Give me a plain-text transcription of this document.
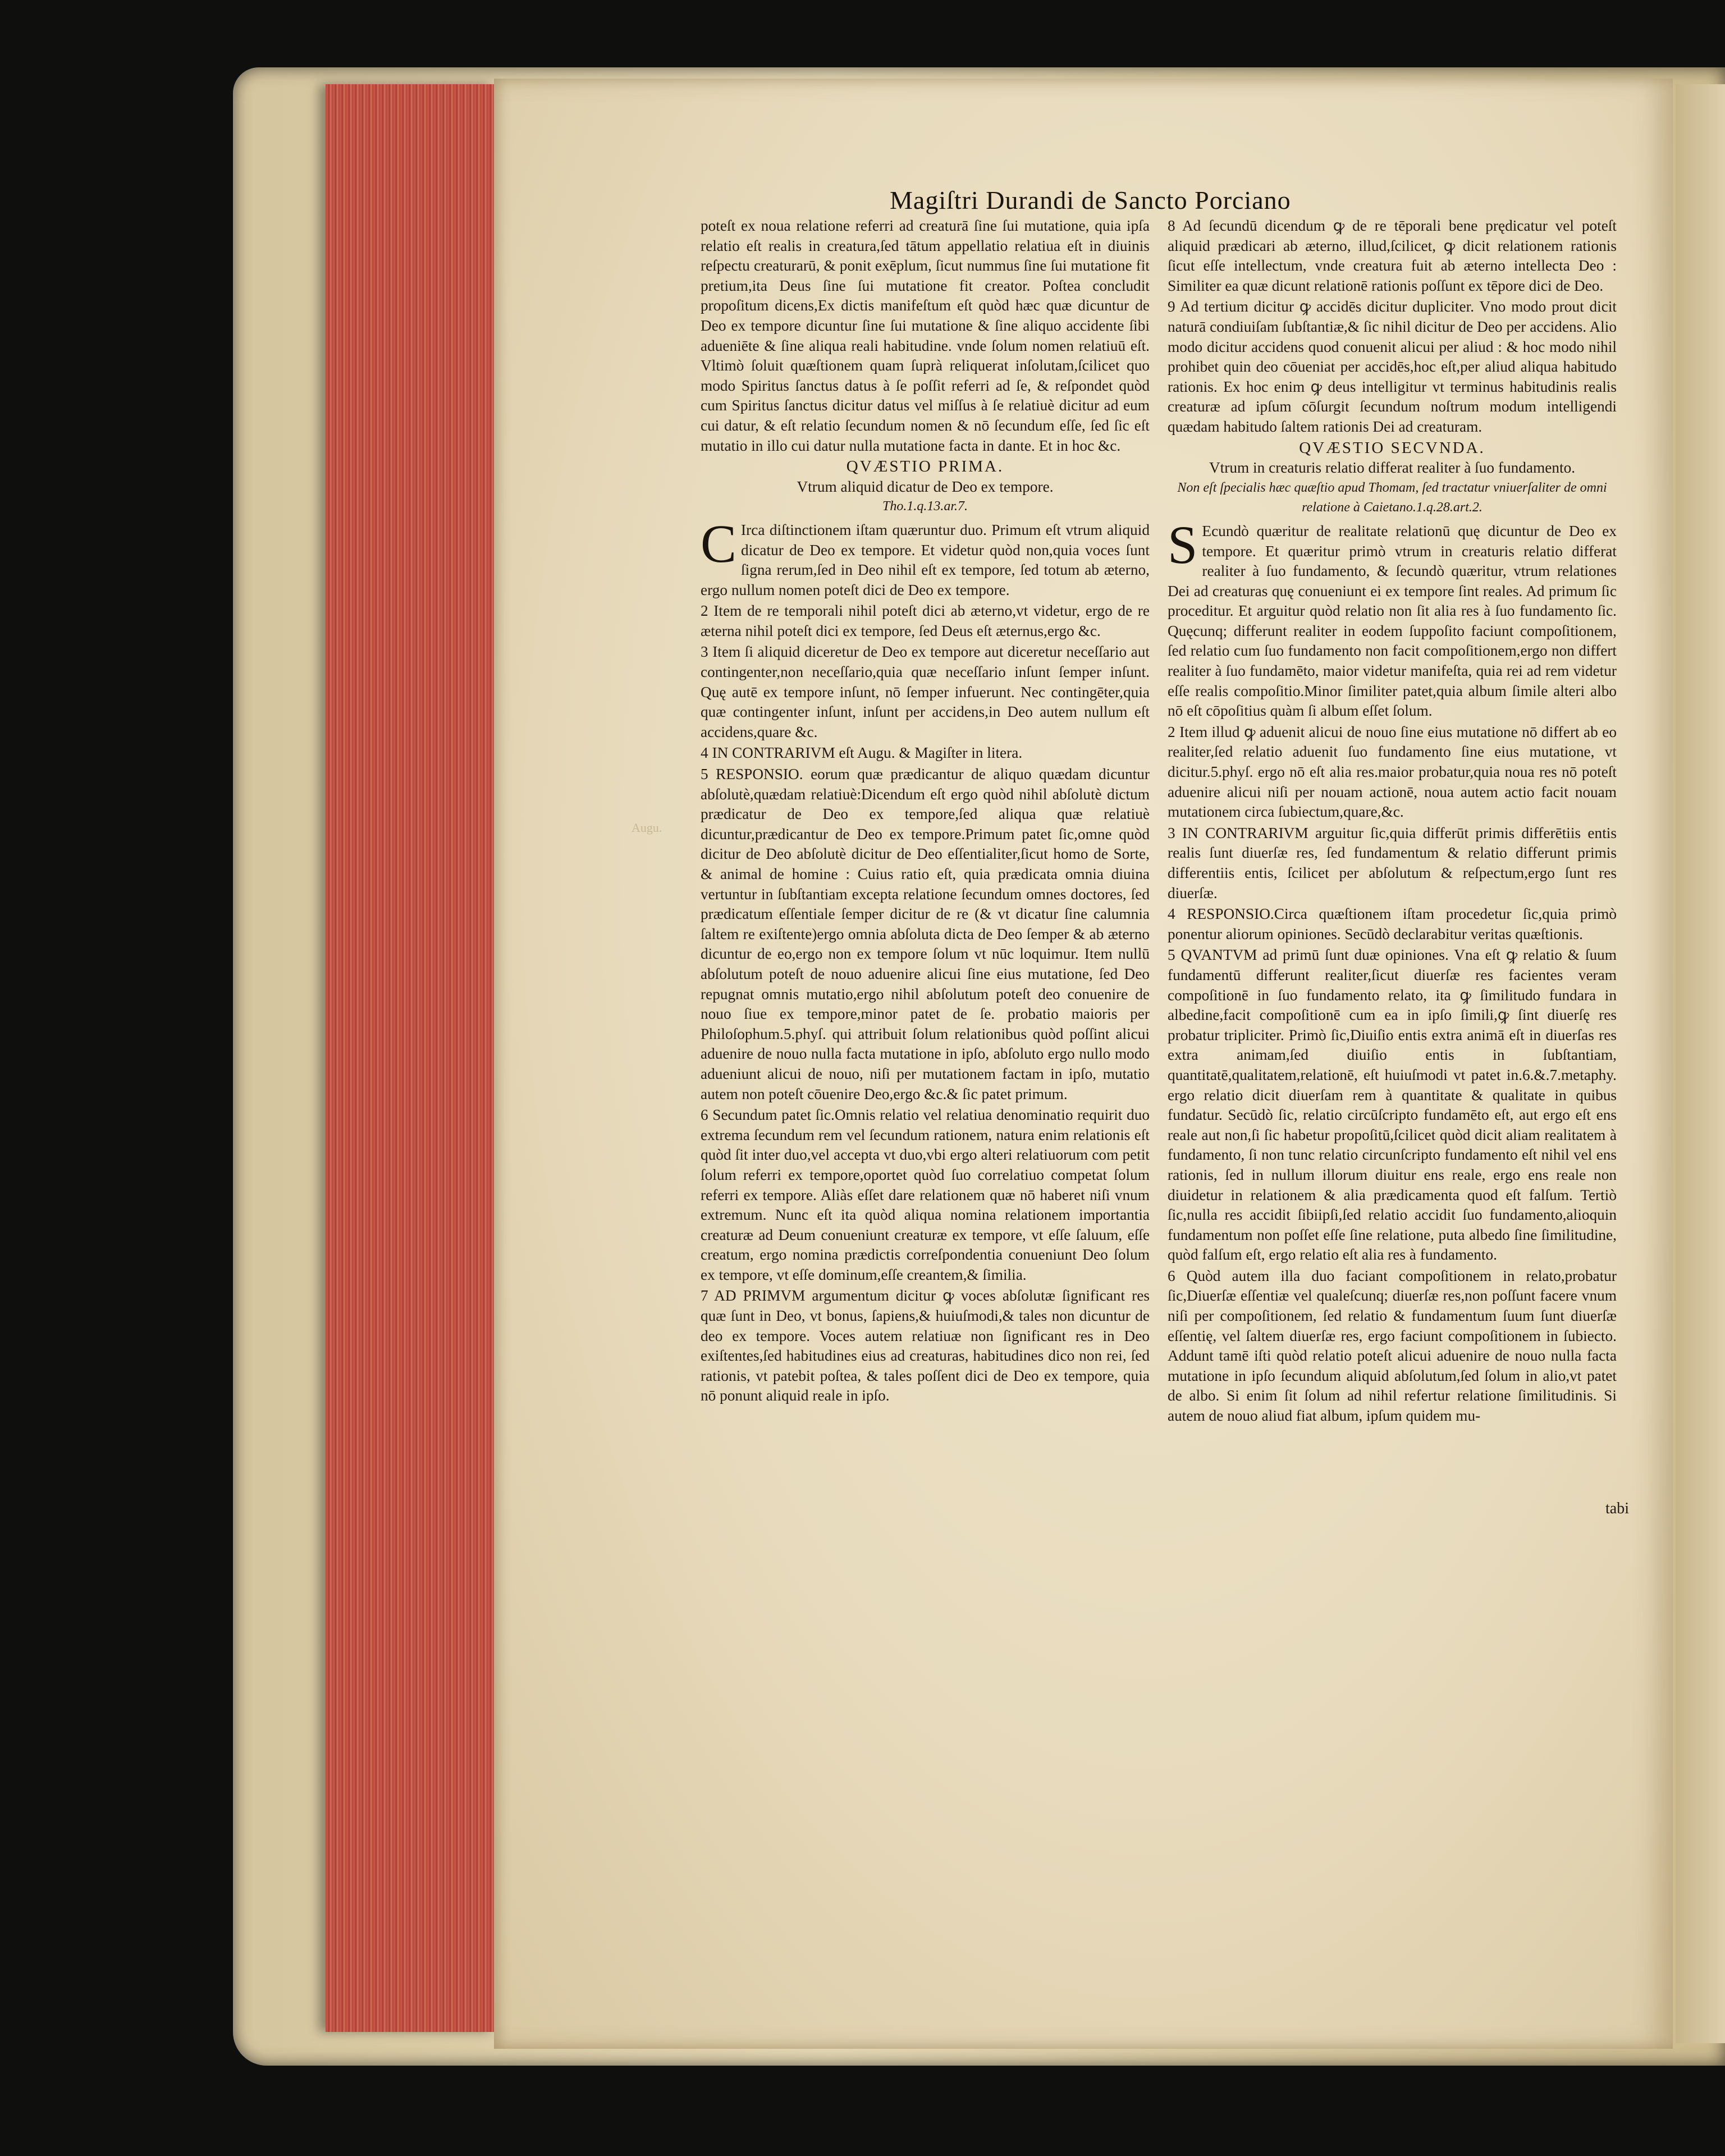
Magiſtri Durandi de Sancto Porciano
Augu.

poteſt ex noua relatione referri ad creaturā ſine ſui mutatione, quia ipſa relatio eſt realis in creatura,ſed tātum appellatio relatiua eſt in diuinis reſpectu creaturarū, & ponit exēplum, ſicut nummus ſine ſui mutatione fit pretium,ita Deus ſine ſui mutatione fit creator. Poſtea concludit propoſitum dicens,Ex dictis manifeſtum eſt quòd hæc quæ dicuntur de Deo ex tempore dicuntur ſine ſui mutatione & ſine aliquo accidente ſibi adueniēte & ſine aliqua reali habitudine. vnde ſolum nomen relatiuū eſt. Vltimò ſoluit quæſtionem quam ſuprà reliquerat inſolutam,ſcilicet quo modo Spiritus ſanctus datus à ſe poſſit referri ad ſe, & reſpondet quòd cum Spiritus ſanctus dicitur datus vel miſſus à ſe relatiuè dicitur ad eum cui datur, & eſt relatio ſecundum nomen & nō ſecundum eſſe, ſed ſic eſt mutatio in illo cui datur nulla mutatione facta in dante. Et in hoc &c.

QVÆSTIO PRIMA.

Vtrum aliquid dicatur de Deo ex tempore.

Tho.1.q.13.ar.7.

C Irca diſtinctionem iſtam quæruntur duo. Primum eſt vtrum aliquid dicatur de Deo ex tempore. Et videtur quòd non,quia voces ſunt ſigna rerum,ſed in Deo nihil eſt ex tempore, ſed totum ab æterno, ergo nullum nomen poteſt dici de Deo ex tempore.

2 Item de re temporali nihil poteſt dici ab æterno,vt videtur, ergo de re æterna nihil poteſt dici ex tempore, ſed Deus eſt æternus,ergo &c.

3 Item ſi aliquid diceretur de Deo ex tempore aut diceretur neceſſario aut contingenter,non neceſſario,quia quæ neceſſario inſunt ſemper inſunt. Quę autē ex tempore inſunt, nō ſemper infuerunt. Nec contingēter,quia quæ contingenter inſunt, inſunt per accidens,in Deo autem nullum eſt accidens,quare &c.

4 IN CONTRARIVM eſt Augu. & Magiſter in litera.

5 RESPONSIO. eorum quæ prædicantur de aliquo quædam dicuntur abſolutè,quædam relatiuè:Dicendum eſt ergo quòd nihil abſolutè dictum prædicatur de Deo ex tempore,ſed aliqua quæ relatiuè dicuntur,prædicantur de Deo ex tempore.Primum patet ſic,omne quòd dicitur de Deo abſolutè dicitur de Deo eſſentialiter,ſicut homo de Sorte, & animal de homine : Cuius ratio eſt, quia prædicata omnia diuina vertuntur in ſubſtantiam excepta relatione ſecundum omnes doctores, ſed prædicatum eſſentiale ſemper dicitur de re (& vt dicatur ſine calumnia ſaltem re exiſtente)ergo omnia abſoluta dicta de Deo ſemper & ab æterno dicuntur de eo,ergo non ex tempore ſolum vt nūc loquimur. Item nullū abſolutum poteſt de nouo aduenire alicui ſine eius mutatione, ſed Deo repugnat omnis mutatio,ergo nihil abſolutum poteſt deo conuenire de nouo ſiue ex tempore,minor patet de ſe. probatio maioris per Philoſophum.5.phyſ. qui attribuit ſolum relationibus quòd poſſint alicui aduenire de nouo nulla facta mutatione in ipſo, abſoluto ergo nullo modo adueniunt alicui de nouo, niſi per mutationem factam in ipſo, mutatio autem non poteſt cōuenire Deo,ergo &c.& ſic patet primum.

6 Secundum patet ſic.Omnis relatio vel relatiua denominatio requirit duo extrema ſecundum rem vel ſecundum rationem, natura enim relationis eſt quòd ſit inter duo,vel accepta vt duo,vbi ergo alteri relatiuorum com petit ſolum referri ex tempore,oportet quòd ſuo correlatiuo competat ſolum referri ex tempore. Aliàs eſſet dare relationem quæ nō haberet niſi vnum extremum. Nunc eſt ita quòd aliqua nomina relationem importantia creaturæ ad Deum conueniunt creaturæ ex tempore, vt eſſe ſaluum, eſſe creatum, ergo nomina prædictis correſpondentia conueniunt Deo ſolum ex tempore, vt eſſe dominum,eſſe creantem,& ſimilia.

7 AD PRIMVM argumentum dicitur ꝙ voces abſolutæ ſignificant res quæ ſunt in Deo, vt bonus, ſapiens,& huiuſmodi,& tales non dicuntur de deo ex tempore. Voces autem relatiuæ non ſignificant res in Deo exiſtentes,ſed habitudines eius ad creaturas, habitudines dico non rei, ſed rationis, vt patebit poſtea, & tales poſſent dici de Deo ex tempore, quia nō ponunt aliquid reale in ipſo.

8 Ad ſecundū dicendum ꝙ de re tēporali bene prędicatur vel poteſt aliquid prædicari ab æterno, illud,ſcilicet, ꝙ dicit relationem rationis ſicut eſſe intellectum, vnde creatura fuit ab æterno intellecta Deo : Similiter ea quæ dicunt relationē rationis poſſunt ex tēpore dici de Deo.

9 Ad tertium dicitur ꝙ accidēs dicitur dupliciter. Vno modo prout dicit naturā condiuiſam ſubſtantiæ,& ſic nihil dicitur de Deo per accidens. Alio modo dicitur accidens quod conuenit alicui per aliud : & hoc modo nihil prohibet quin deo cōueniat per accidēs,hoc eſt,per aliud aliqua habitudo rationis. Ex hoc enim ꝙ deus intelligitur vt terminus habitudinis realis creaturæ ad ipſum cōſurgit ſecundum noſtrum modum intelligendi quædam habitudo ſaltem rationis Dei ad creaturam.

QVÆSTIO SECVNDA.

Vtrum in creaturis relatio differat realiter à ſuo fundamento.

Non eſt ſpecialis hæc quæſtio apud Thomam, ſed tractatur vniuerſaliter de omni relatione à Caietano.1.q.28.art.2.

S Ecundò quæritur de realitate relationū quę dicuntur de Deo ex tempore. Et quæritur primò vtrum in creaturis relatio differat realiter à ſuo fundamento, & ſecundò quæritur, vtrum relationes Dei ad creaturas quę conueniunt ei ex tempore ſint reales. Ad primum ſic proceditur. Et arguitur quòd relatio non ſit alia res à ſuo fundamento ſic. Quęcunq; differunt realiter in eodem ſuppoſito faciunt compoſitionem, ſed relatio cum ſuo fundamento non facit compoſitionem,ergo non differt realiter à ſuo fundamēto, maior videtur manifeſta, quia rei ad rem videtur eſſe realis compoſitio.Minor ſimiliter patet,quia album ſimile alteri albo nō eſt cōpoſitius quàm ſi album eſſet ſolum.

2 Item illud ꝙ aduenit alicui de nouo ſine eius mutatione nō differt ab eo realiter,ſed relatio aduenit ſuo fundamento ſine eius mutatione, vt dicitur.5.phyſ. ergo nō eſt alia res.maior probatur,quia noua res nō poteſt aduenire alicui niſi per nouam actionē, noua autem actio facit nouam mutationem circa ſubiectum,quare,&c.

3 IN CONTRARIVM arguitur ſic,quia differūt primis differētiis entis realis ſunt diuerſæ res, ſed fundamentum & relatio differunt primis differentiis entis, ſcilicet per abſolutum & reſpectum,ergo ſunt res diuerſæ.

4 RESPONSIO.Circa quæſtionem iſtam procedetur ſic,quia primò ponentur aliorum opiniones. Secūdò declarabitur veritas quæſtionis.

5 QVANTVM ad primū ſunt duæ opiniones. Vna eſt ꝙ relatio & ſuum fundamentū differunt realiter,ſicut diuerſæ res facientes veram compoſitionē in ſuo fundamento relato, ita ꝙ ſimilitudo fundara in albedine,facit compoſitionē cum ea in ipſo ſimili,ꝙ ſint diuerſę res probatur tripliciter. Primò ſic,Diuiſio entis extra animā eſt in diuerſas res extra animam,ſed diuiſio entis in ſubſtantiam, quantitatē,qualitatem,relationē, eſt huiuſmodi vt patet in.6.&.7.metaphy. ergo relatio dicit diuerſam rem à quantitate & qualitate in quibus fundatur. Secūdò ſic, relatio circūſcripto fundamēto eſt, aut ergo eſt ens reale aut non,ſi ſic habetur propoſitū,ſcilicet quòd dicit aliam realitatem à fundamento, ſi non tunc relatio circunſcripto fundamento eſt nihil vel ens rationis, ſed in nullum illorum diuitur ens reale, ergo ens reale non diuidetur in relationem & alia prædicamenta quod eſt falſum. Tertiò ſic,nulla res accidit ſibiipſi,ſed relatio accidit ſuo fundamento,alioquin fundamentum non poſſet eſſe ſine relatione, puta albedo ſine ſimilitudine, quòd falſum eſt, ergo relatio eſt alia res à fundamento.

6 Quòd autem illa duo faciant compoſitionem in relato,probatur ſic,Diuerſæ eſſentiæ vel qualeſcunq; diuerſæ res,non poſſunt facere vnum niſi per compoſitionem, ſed relatio & fundamentum ſuum ſunt diuerſæ eſſentię, vel ſaltem diuerſæ res, ergo faciunt compoſitionem in ſubiecto. Addunt tamē iſti quòd relatio poteſt alicui aduenire de nouo nulla facta mutatione in ipſo ſecundum aliquid abſolutum,ſed ſolum in alio,vt patet de albo. Si enim ſit ſolum ad nihil refertur relatione ſimilitudinis. Si autem de nouo aliud fiat album, ipſum quidem mu-

tabi
